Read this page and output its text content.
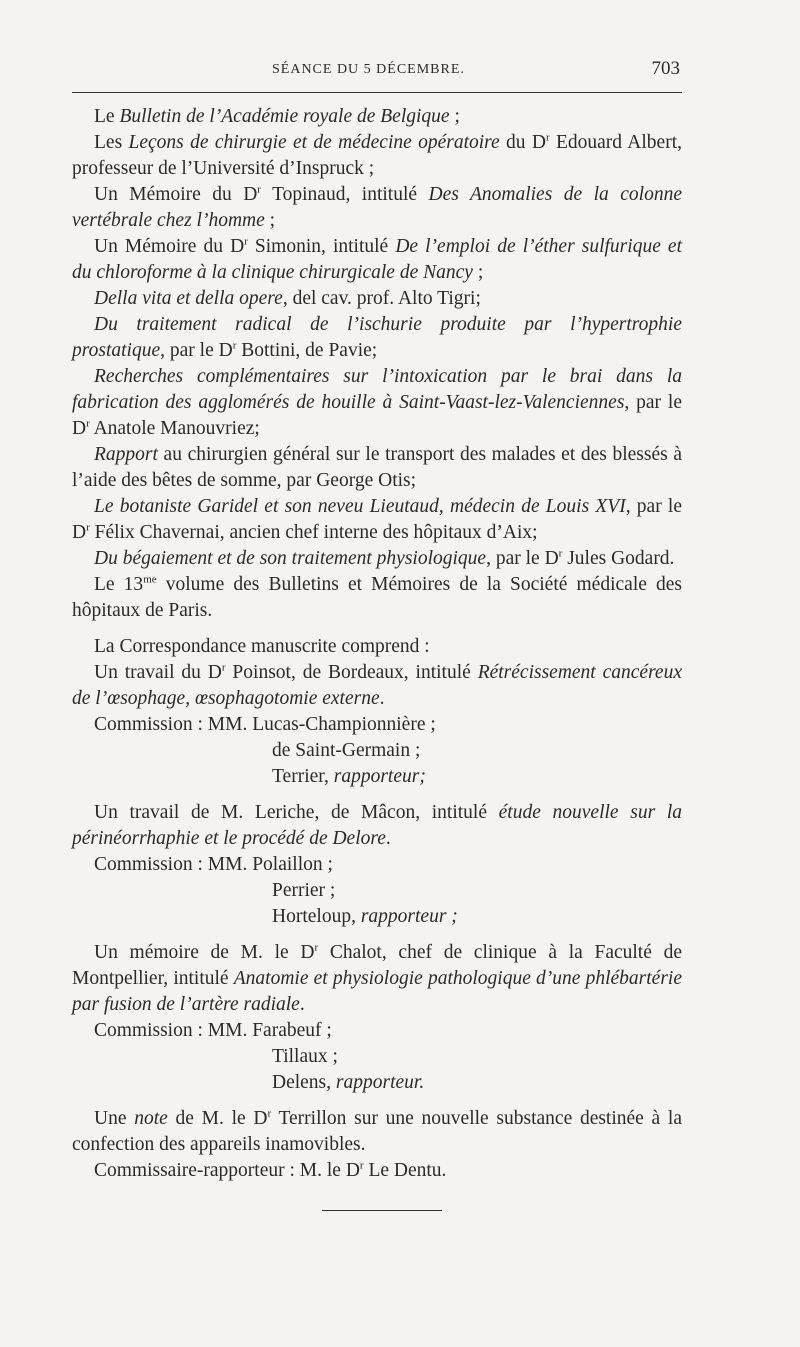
SÉANCE DU 5 DÉCEMBRE.	703

Le Bulletin de l’Académie royale de Belgique ;

Les Leçons de chirurgie et de médecine opératoire du $D^r$ Edouard Albert, professeur de l’Université d’Inspruck ;

Un Mémoire du $D^r$ Topinaud, intitulé Des Anomalies de la colonne vertébrale chez l’homme ;

Un Mémoire du $D^r$ Simonin, intitulé De l’emploi de l’éther sulfurique et du chloroforme à la clinique chirurgicale de Nancy ;

Della vita et della opere, del cav. prof. Alto Tigri;

Du traitement radical de l’ischurie produite par l’hypertrophie prostatique, par le $D^r$ Bottini, de Pavie;

Recherches complémentaires sur l’intoxication par le brai dans la fabrication des agglomérés de houille à Saint-Vaast-lez-Valenciennes, par le $D^r$ Anatole Manouvriez;

Rapport au chirurgien général sur le transport des malades et des blessés à l’aide des bêtes de somme, par George Otis;

Le botaniste Garidel et son neveu Lieutaud, médecin de Louis XVI, par le $D^r$ Félix Chavernai, ancien chef interne des hôpitaux d’Aix;

Du bégaiement et de son traitement physiologique, par le $D^r$ Jules Godard.

Le $13^{me}$ volume des Bulletins et Mémoires de la Société médicale des hôpitaux de Paris.

La Correspondance manuscrite comprend :

Un travail du $D^r$ Poinsot, de Bordeaux, intitulé Rétrécissement cancéreux de l’œsophage, œsophagotomie externe.

Commission : MM. Lucas-Championnière ;

de Saint-Germain ;

Terrier, rapporteur;

Un travail de M. Leriche, de Mâcon, intitulé étude nouvelle sur la périnéorrhaphie et le procédé de Delore.

Commission : MM. Polaillon ;

Perrier ;

Horteloup, rapporteur ;

Un mémoire de M. le $D^r$ Chalot, chef de clinique à la Faculté de Montpellier, intitulé Anatomie et physiologie pathologique d’une phlébartérie par fusion de l’artère radiale.

Commission : MM. Farabeuf ;

Tillaux ;

Delens, rapporteur.

Une note de M. le $D^r$ Terrillon sur une nouvelle substance destinée à la confection des appareils inamovibles.

Commissaire-rapporteur : M. le $D^r$ Le Dentu.
